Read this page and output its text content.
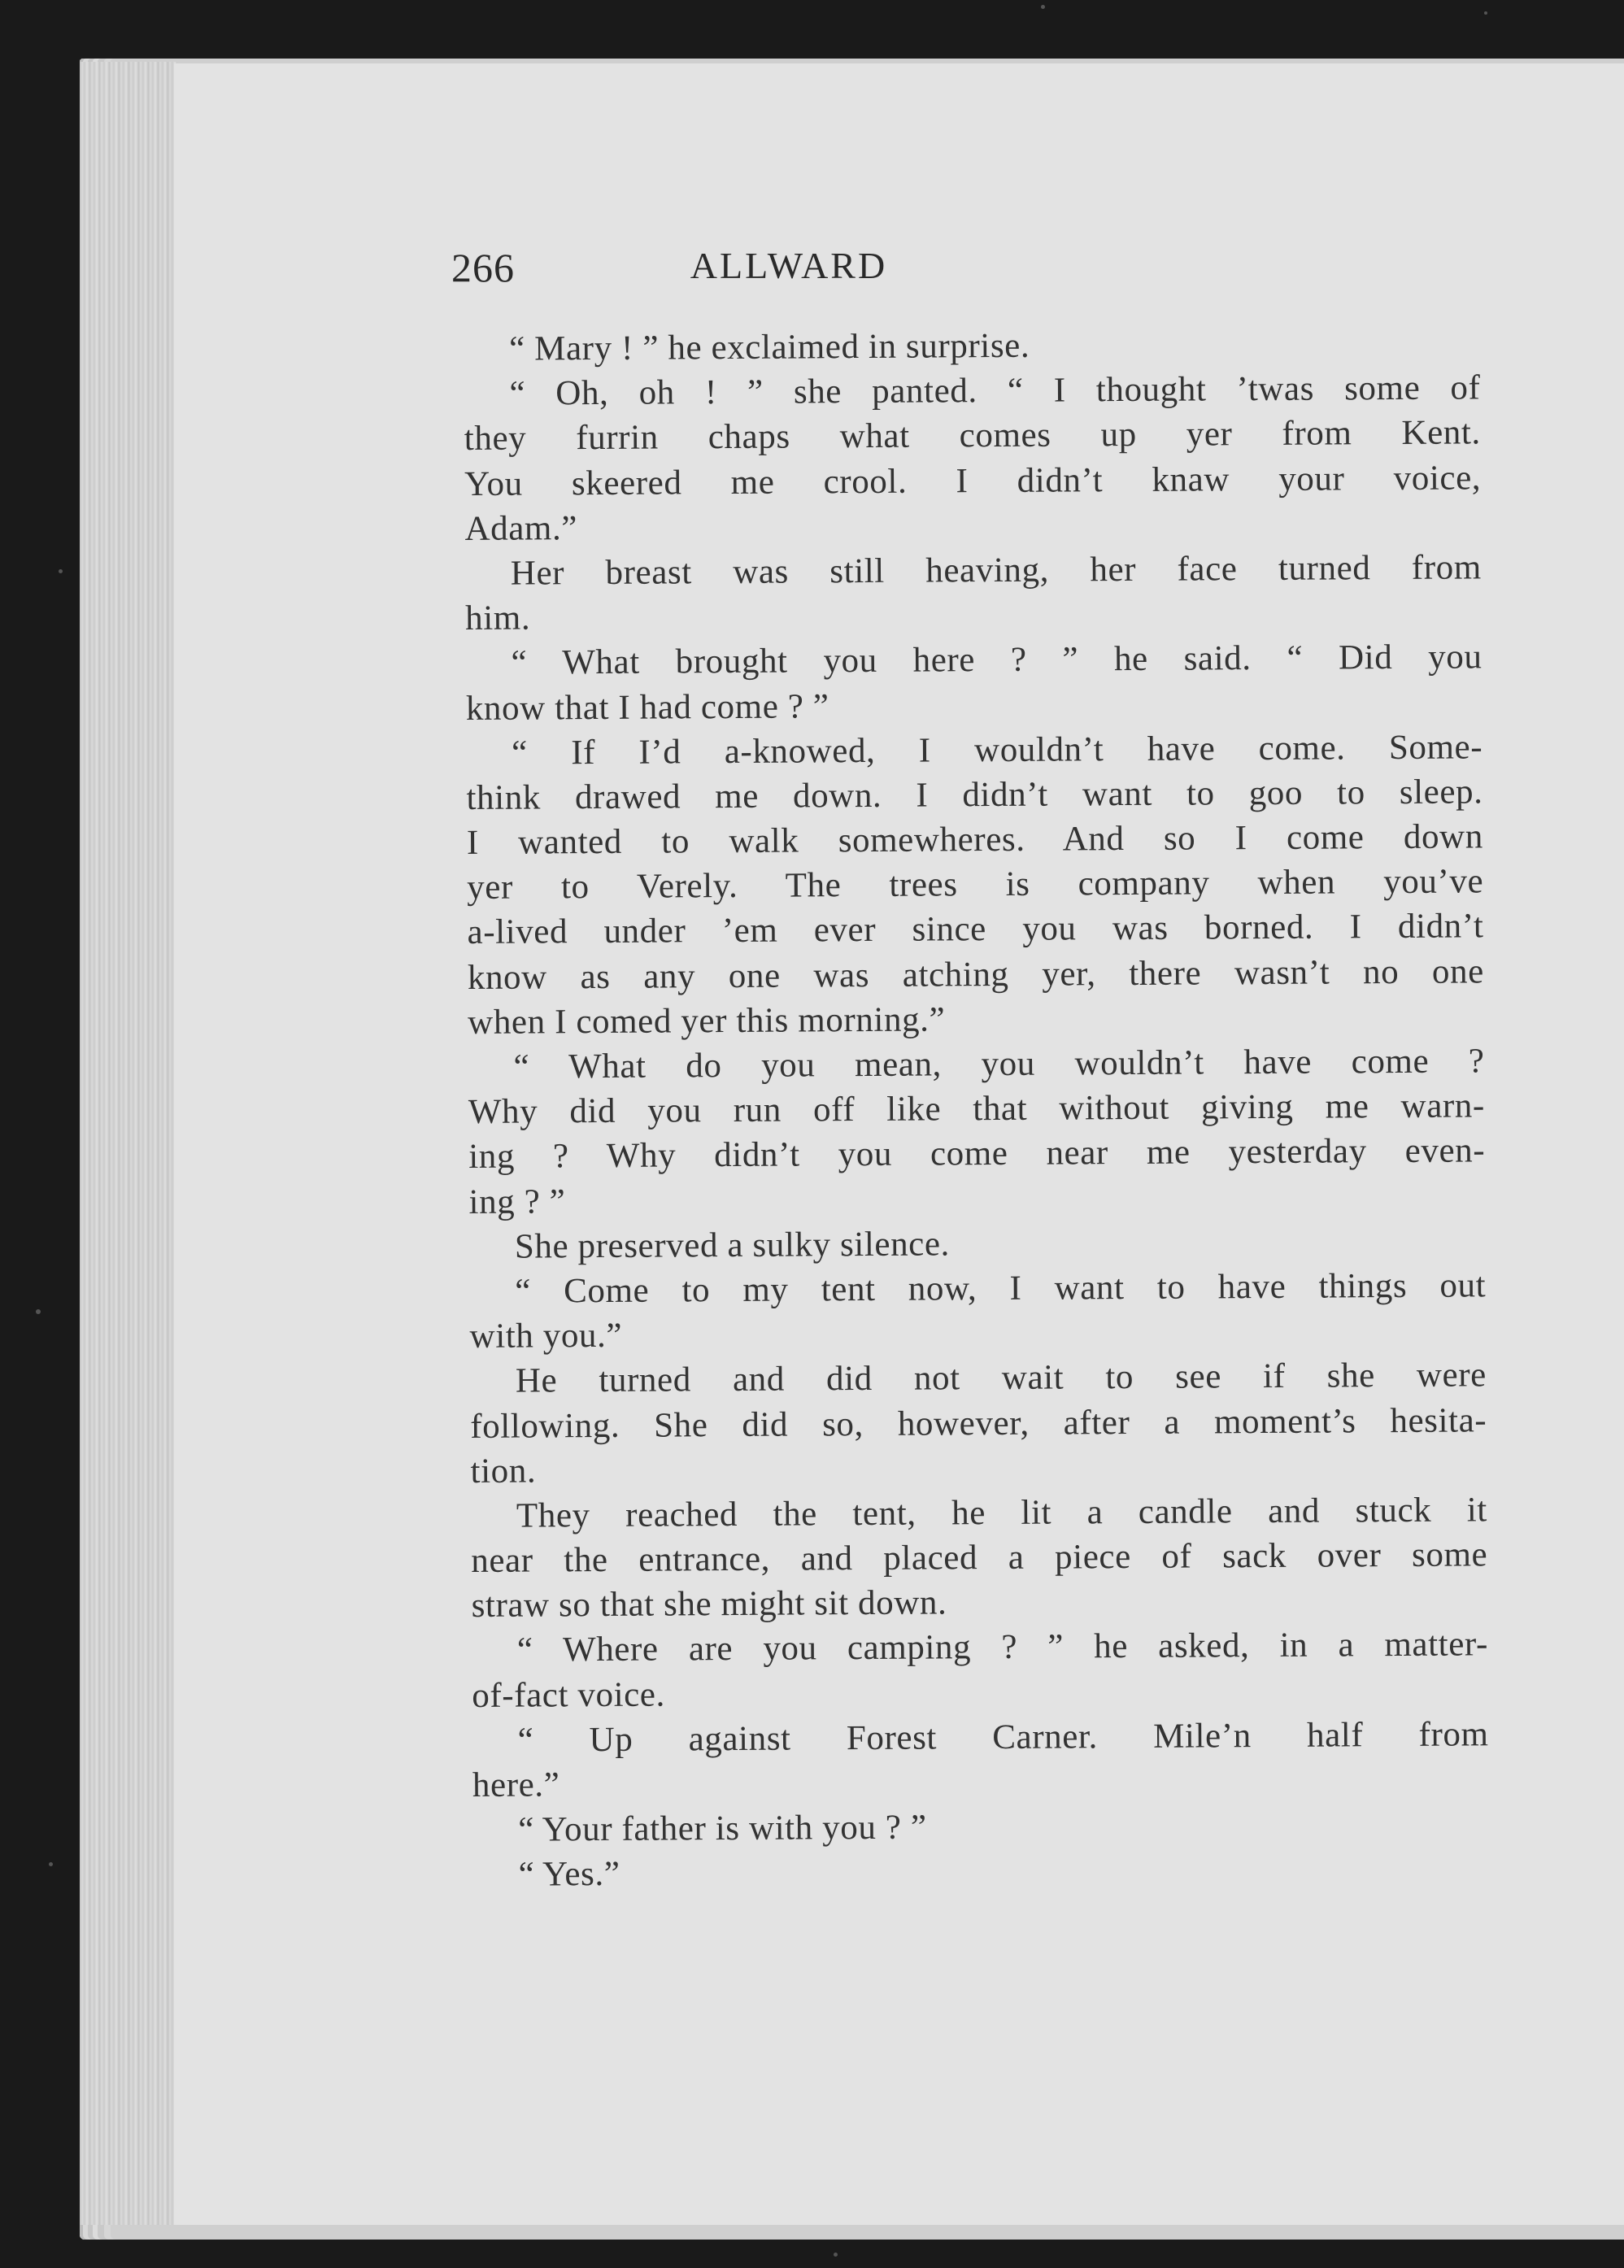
266	ALLWARD
“ Mary ! ” he exclaimed in surprise.
“ Oh, oh ! ” she panted. “ I thought ’twas some of
they furrin chaps what comes up yer from Kent.
You skeered me crool. I didn’t knaw your voice,
Adam.”
Her breast was still heaving, her face turned from
him.
“ What brought you here ? ” he said. “ Did you
know that I had come ? ”
“ If I’d a-knowed, I wouldn’t have come. Some-
think drawed me down. I didn’t want to goo to sleep.
I wanted to walk somewheres. And so I come down
yer to Verely. The trees is company when you’ve
a-lived under ’em ever since you was borned. I didn’t
know as any one was atching yer, there wasn’t no one
when I comed yer this morning.”
“ What do you mean, you wouldn’t have come ?
Why did you run off like that without giving me warn-
ing ? Why didn’t you come near me yesterday even-
ing ? ”
She preserved a sulky silence.
“ Come to my tent now, I want to have things out
with you.”
He turned and did not wait to see if she were
following. She did so, however, after a moment’s hesita-
tion.
They reached the tent, he lit a candle and stuck it
near the entrance, and placed a piece of sack over some
straw so that she might sit down.
“ Where are you camping ? ” he asked, in a matter-
of-fact voice.
“ Up against Forest Carner. Mile’n half from
here.”
“ Your father is with you ? ”
“ Yes.”
